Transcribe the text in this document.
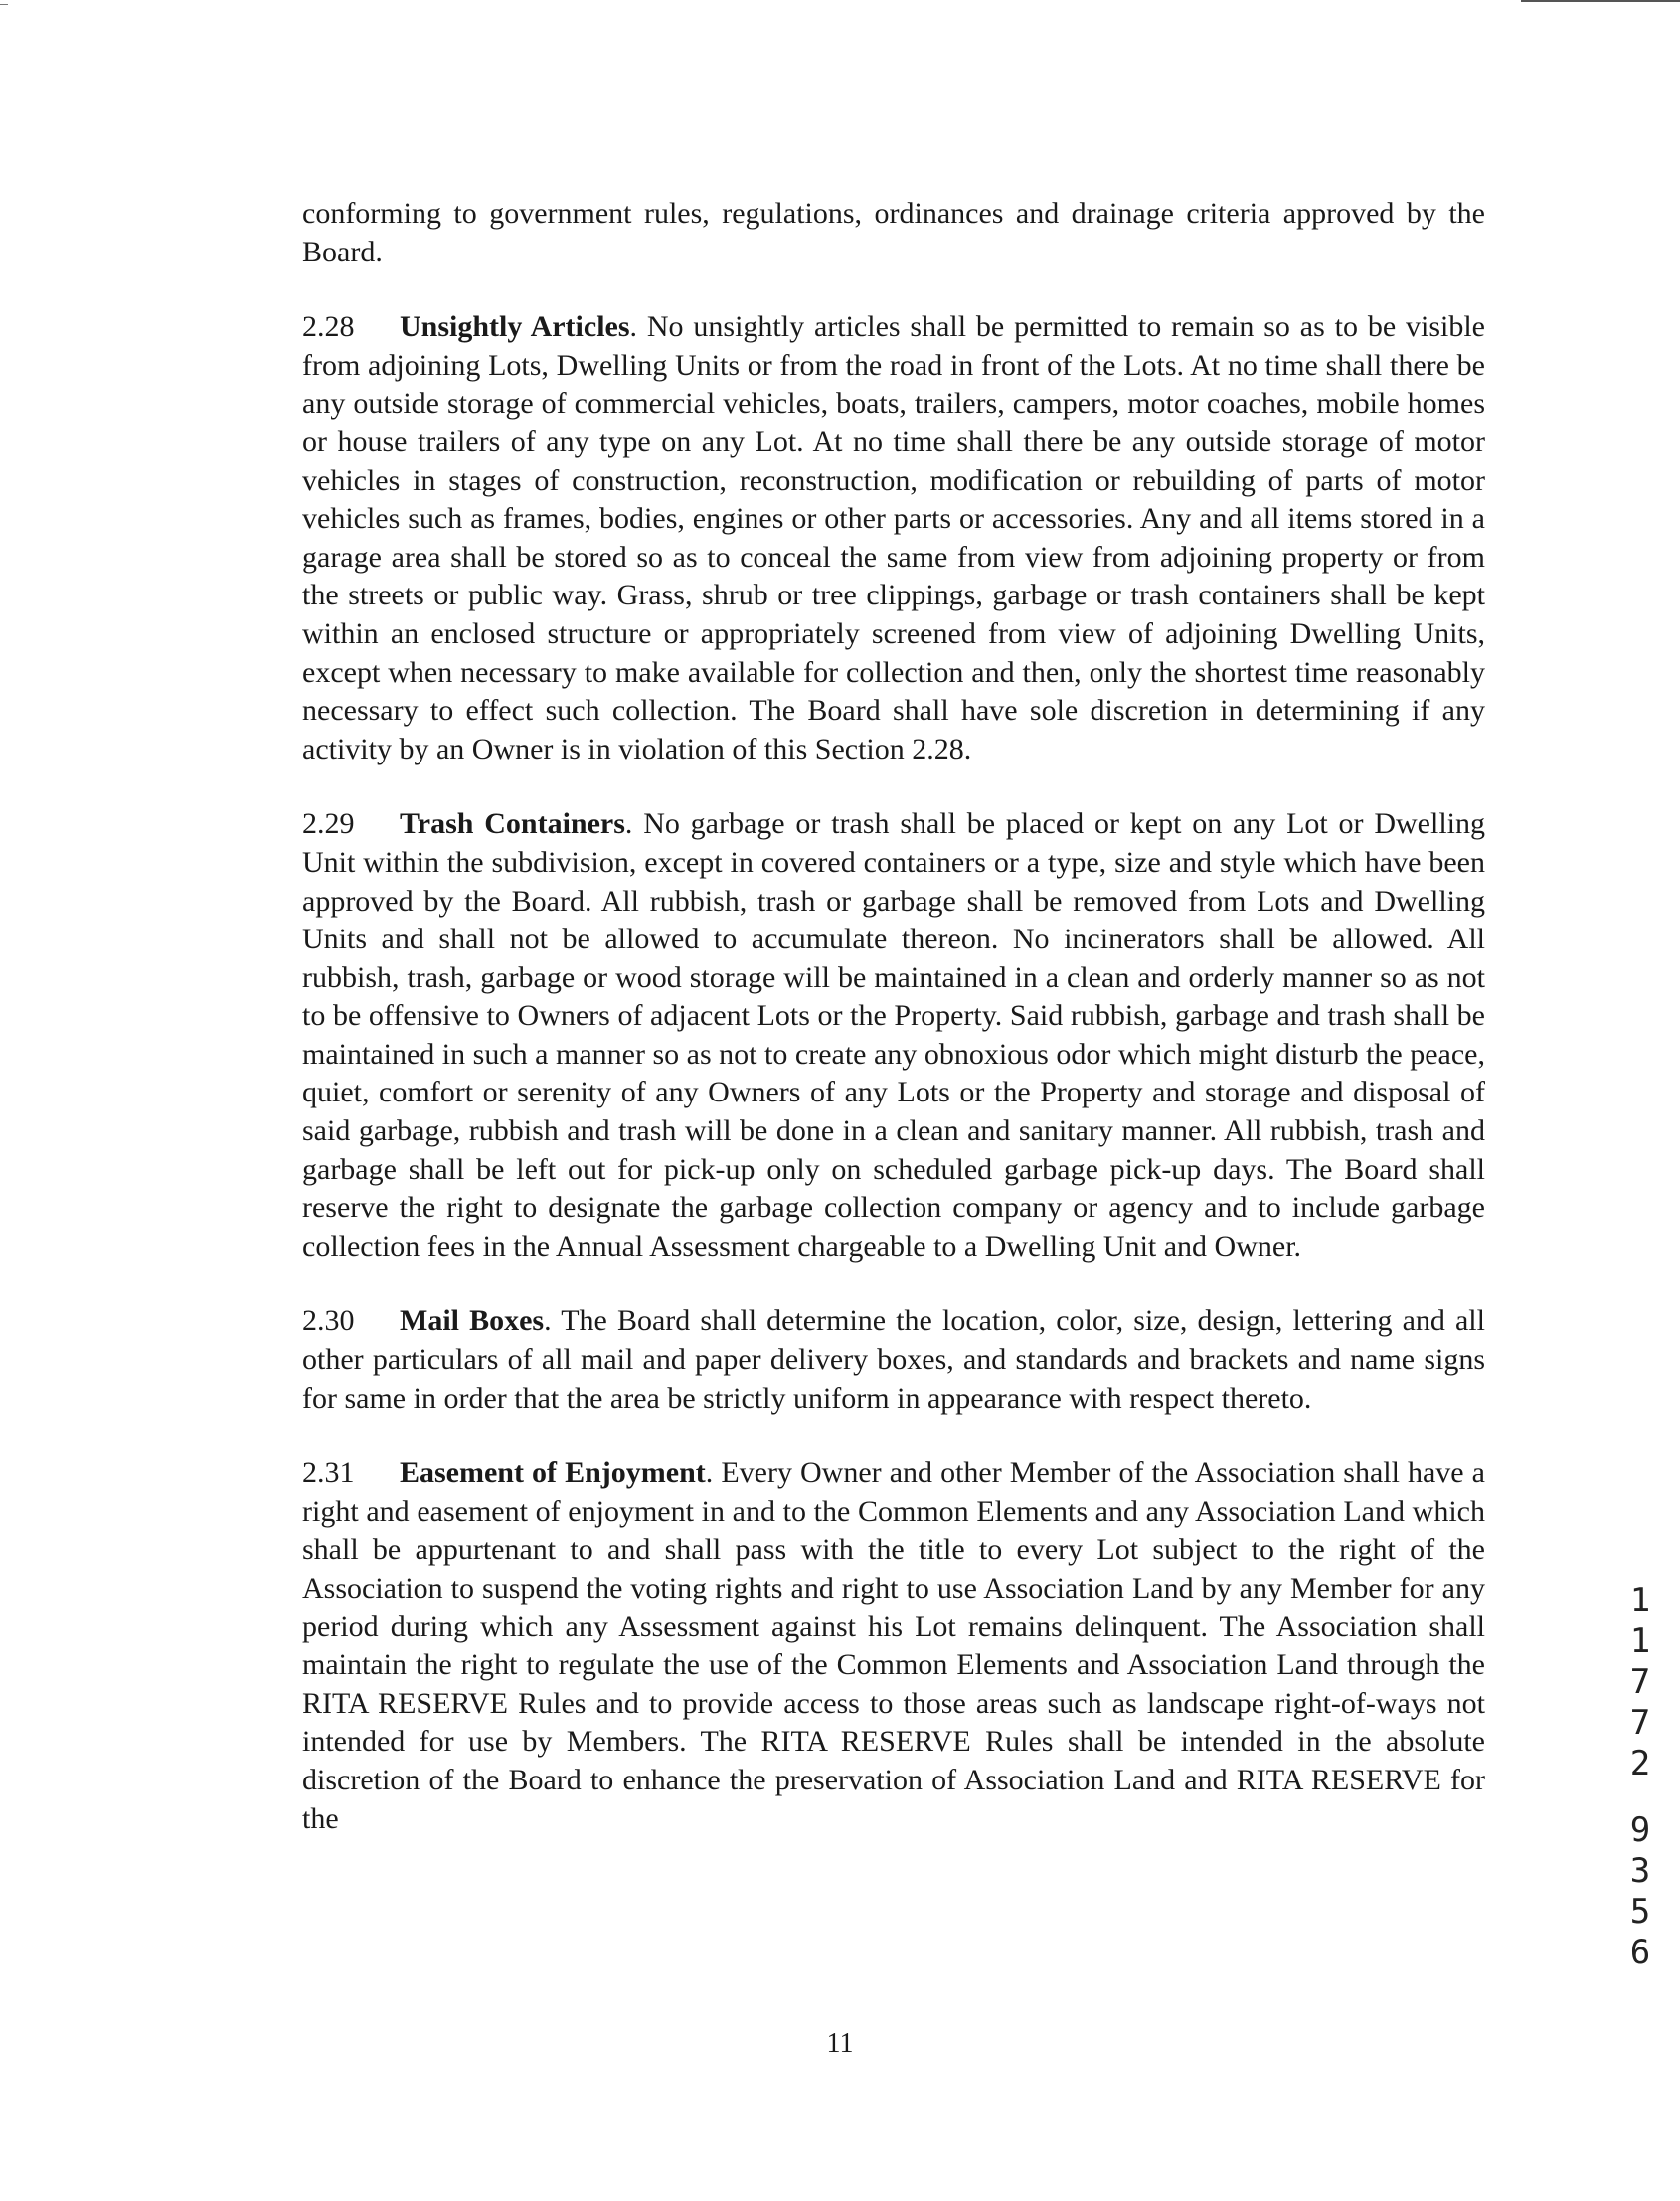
conforming to government rules, regulations, ordinances and drainage criteria approved by the Board.

2.28 Unsightly Articles. No unsightly articles shall be permitted to remain so as to be visible from adjoining Lots, Dwelling Units or from the road in front of the Lots. At no time shall there be any outside storage of commercial vehicles, boats, trailers, campers, motor coaches, mobile homes or house trailers of any type on any Lot. At no time shall there be any outside storage of motor vehicles in stages of construction, reconstruction, modification or rebuilding of parts of motor vehicles such as frames, bodies, engines or other parts or accessories. Any and all items stored in a garage area shall be stored so as to conceal the same from view from adjoining property or from the streets or public way. Grass, shrub or tree clippings, garbage or trash containers shall be kept within an enclosed structure or appropriately screened from view of adjoining Dwelling Units, except when necessary to make available for collection and then, only the shortest time reasonably necessary to effect such collection. The Board shall have sole discretion in determining if any activity by an Owner is in violation of this Section 2.28.

2.29 Trash Containers. No garbage or trash shall be placed or kept on any Lot or Dwelling Unit within the subdivision, except in covered containers or a type, size and style which have been approved by the Board. All rubbish, trash or garbage shall be removed from Lots and Dwelling Units and shall not be allowed to accumulate thereon. No incinerators shall be allowed. All rubbish, trash, garbage or wood storage will be maintained in a clean and orderly manner so as not to be offensive to Owners of adjacent Lots or the Property. Said rubbish, garbage and trash shall be maintained in such a manner so as not to create any obnoxious odor which might disturb the peace, quiet, comfort or serenity of any Owners of any Lots or the Property and storage and disposal of said garbage, rubbish and trash will be done in a clean and sanitary manner. All rubbish, trash and garbage shall be left out for pick-up only on scheduled garbage pick-up days. The Board shall reserve the right to designate the garbage collection company or agency and to include garbage collection fees in the Annual Assessment chargeable to a Dwelling Unit and Owner.

2.30 Mail Boxes. The Board shall determine the location, color, size, design, lettering and all other particulars of all mail and paper delivery boxes, and standards and brackets and name signs for same in order that the area be strictly uniform in appearance with respect thereto.

2.31 Easement of Enjoyment. Every Owner and other Member of the Association shall have a right and easement of enjoyment in and to the Common Elements and any Association Land which shall be appurtenant to and shall pass with the title to every Lot subject to the right of the Association to suspend the voting rights and right to use Association Land by any Member for any period during which any Assessment against his Lot remains delinquent. The Association shall maintain the right to regulate the use of the Common Elements and Association Land through the RITA RESERVE Rules and to provide access to those areas such as landscape right-of-ways not intended for use by Members. The RITA RESERVE Rules shall be intended in the absolute discretion of the Board to enhance the preservation of Association Land and RITA RESERVE for the

1
1
7
7
2
9
3
5
6
11
